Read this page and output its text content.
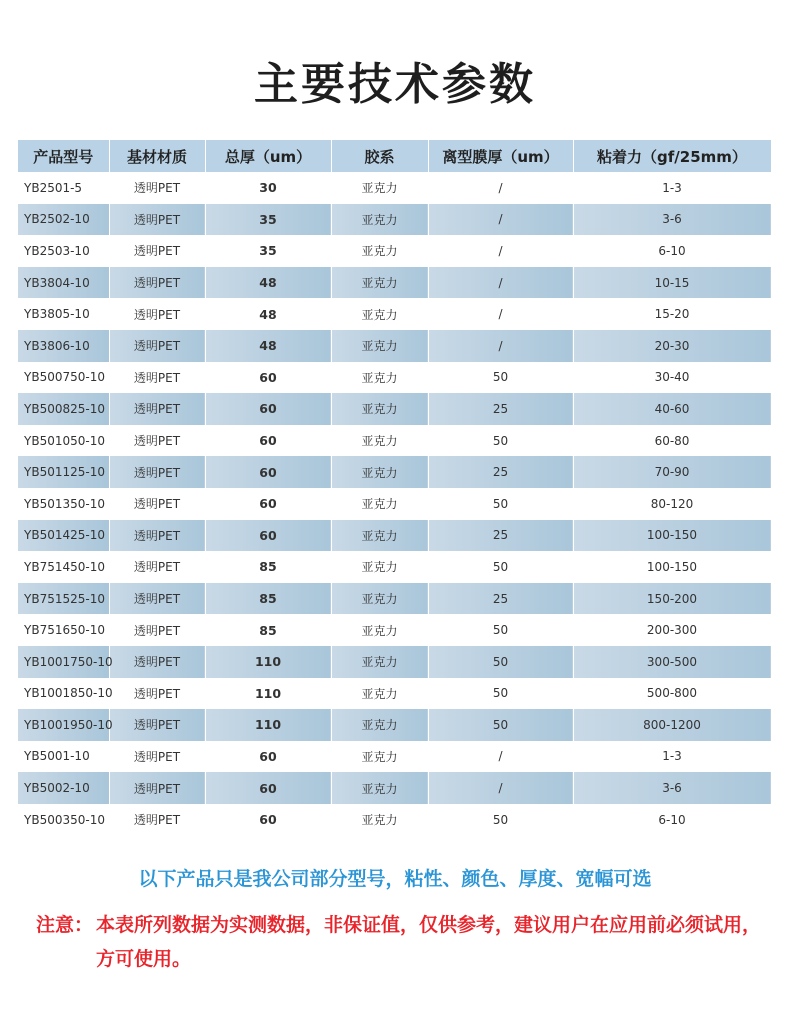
主要技术参数
产品型号	基材材质	总厚（um）	胶系	离型膜厚（um）	粘着力（gf/25mm）
YB2501-5	透明PET	30	亚克力	/	1-3
YB2502-10	透明PET	35	亚克力	/	3-6
YB2503-10	透明PET	35	亚克力	/	6-10
YB3804-10	透明PET	48	亚克力	/	10-15
YB3805-10	透明PET	48	亚克力	/	15-20
YB3806-10	透明PET	48	亚克力	/	20-30
YB500750-10	透明PET	60	亚克力	50	30-40
YB500825-10	透明PET	60	亚克力	25	40-60
YB501050-10	透明PET	60	亚克力	50	60-80
YB501125-10	透明PET	60	亚克力	25	70-90
YB501350-10	透明PET	60	亚克力	50	80-120
YB501425-10	透明PET	60	亚克力	25	100-150
YB751450-10	透明PET	85	亚克力	50	100-150
YB751525-10	透明PET	85	亚克力	25	150-200
YB751650-10	透明PET	85	亚克力	50	200-300
YB1001750-10	透明PET	110	亚克力	50	300-500
YB1001850-10	透明PET	110	亚克力	50	500-800
YB1001950-10	透明PET	110	亚克力	50	800-1200
YB5001-10	透明PET	60	亚克力	/	1-3
YB5002-10	透明PET	60	亚克力	/	3-6
YB500350-10	透明PET	60	亚克力	50	6-10
以下产品只是我公司部分型号，粘性、颜色、厚度、宽幅可选
注意： 本表所列数据为实测数据，非保证值，仅供参考，建议用户在应用前必须试用，方可使用。
